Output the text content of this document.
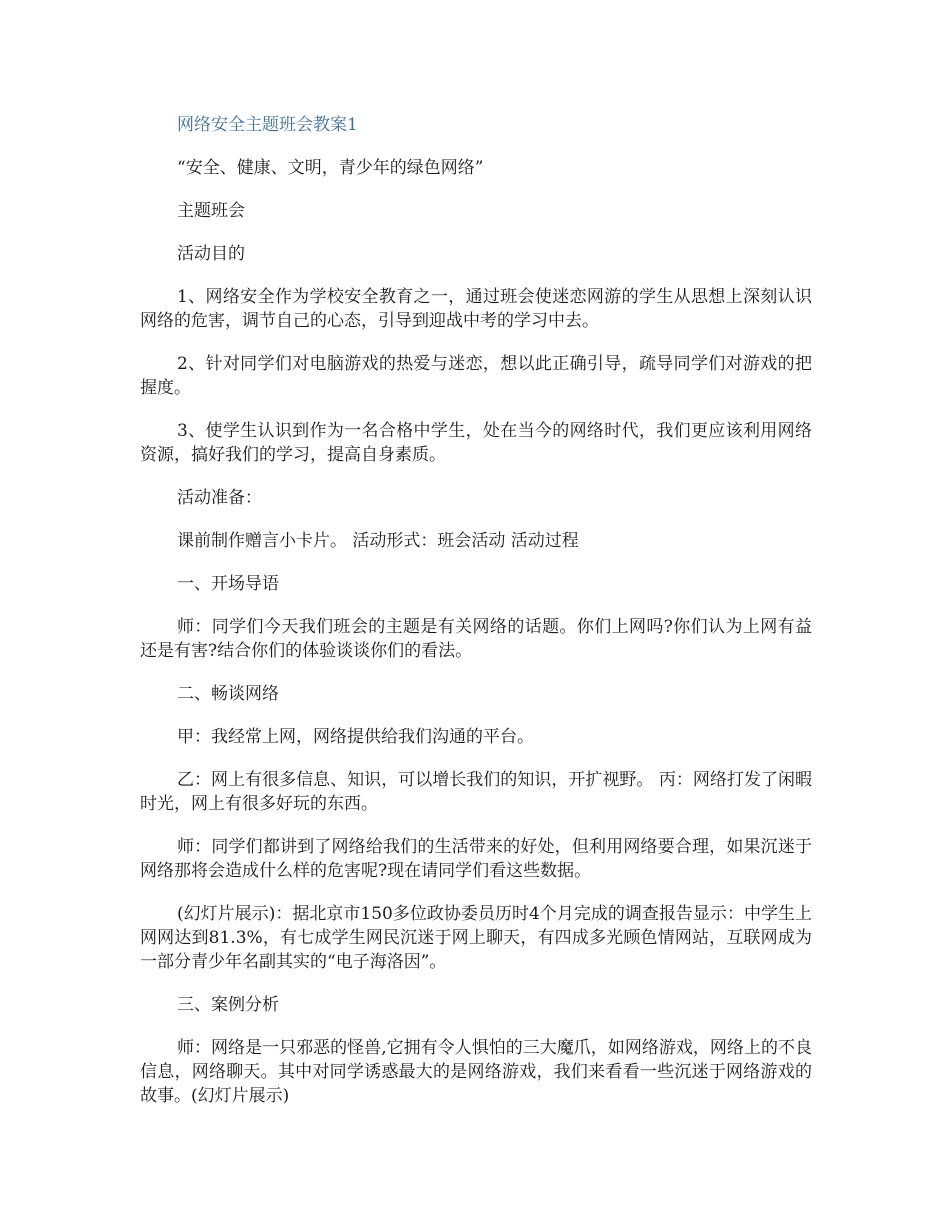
网络安全主题班会教案1

“安全、健康、文明，青少年的绿色网络”

主题班会

活动目的

1、网络安全作为学校安全教育之一，通过班会使迷恋网游的学生从思想上深刻认识网络的危害，调节自己的心态，引导到迎战中考的学习中去。

2、针对同学们对电脑游戏的热爱与迷恋，想以此正确引导，疏导同学们对游戏的把握度。

3、使学生认识到作为一名合格中学生，处在当今的网络时代，我们更应该利用网络资源，搞好我们的学习，提高自身素质。

活动准备：

课前制作赠言小卡片。 活动形式：班会活动 活动过程

一、开场导语

师：同学们今天我们班会的主题是有关网络的话题。你们上网吗?你们认为上网有益还是有害?结合你们的体验谈谈你们的看法。

二、畅谈网络

甲：我经常上网，网络提供给我们沟通的平台。

乙：网上有很多信息、知识，可以增长我们的知识，开扩视野。 丙：网络打发了闲暇时光，网上有很多好玩的东西。

师：同学们都讲到了网络给我们的生活带来的好处，但利用网络要合理，如果沉迷于网络那将会造成什么样的危害呢?现在请同学们看这些数据。

(幻灯片展示)：据北京市150多位政协委员历时4个月完成的调查报告显示：中学生上网网达到81.3%，有七成学生网民沉迷于网上聊天，有四成多光顾色情网站，互联网成为一部分青少年名副其实的“电子海洛因”。

三、案例分析

师：网络是一只邪恶的怪兽,它拥有令人惧怕的三大魔爪，如网络游戏，网络上的不良信息，网络聊天。其中对同学诱惑最大的是网络游戏，我们来看看一些沉迷于网络游戏的故事。(幻灯片展示)
